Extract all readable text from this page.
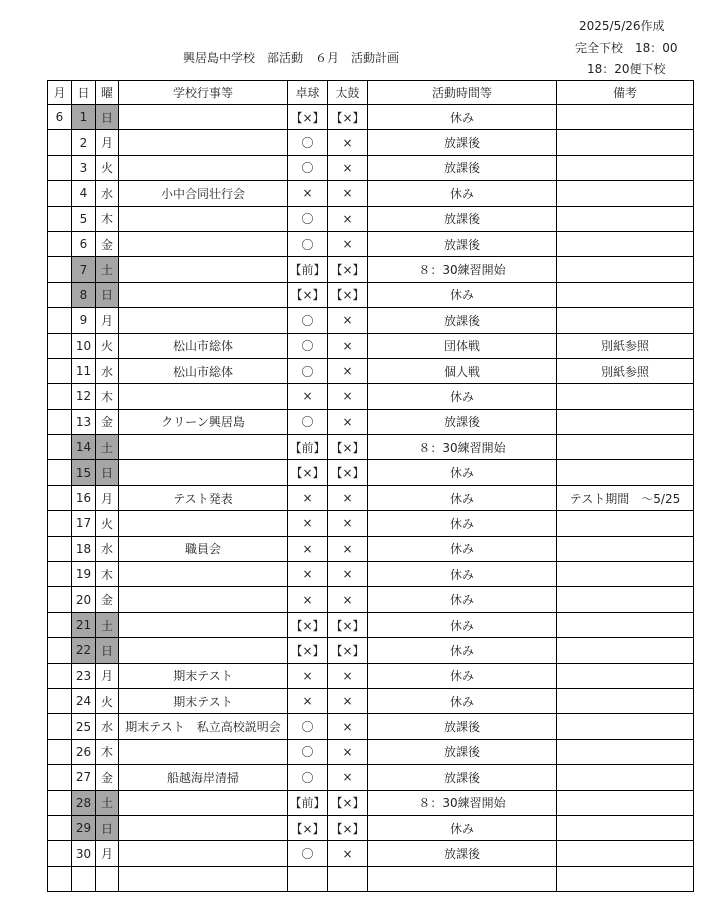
2025/5/26作成
完全下校　18：00
18：20便下校
興居島中学校　部活動　６月　活動計画
月	日	曜	学校行事等	卓球	太鼓	活動時間等	備考
6	1	日		【×】	【×】	休み	
	2	月		〇	×	放課後	
	3	火		〇	×	放課後	
	4	水	小中合同壮行会	×	×	休み	
	5	木		〇	×	放課後	
	6	金		〇	×	放課後	
	7	土		【前】	【×】	８：30練習開始	
	8	日		【×】	【×】	休み	
	9	月		〇	×	放課後	
	10	火	松山市総体	〇	×	団体戦	別紙参照
	11	水	松山市総体	〇	×	個人戦	別紙参照
	12	木		×	×	休み	
	13	金	クリーン興居島	〇	×	放課後	
	14	土		【前】	【×】	８：30練習開始	
	15	日		【×】	【×】	休み	
	16	月	テスト発表	×	×	休み	テスト期間　～5/25
	17	火		×	×	休み	
	18	水	職員会	×	×	休み	
	19	木		×	×	休み	
	20	金		×	×	休み	
	21	土		【×】	【×】	休み	
	22	日		【×】	【×】	休み	
	23	月	期末テスト	×	×	休み	
	24	火	期末テスト	×	×	休み	
	25	水	期末テスト　私立高校説明会	〇	×	放課後	
	26	木		〇	×	放課後	
	27	金	船越海岸清掃	〇	×	放課後	
	28	土		【前】	【×】	８：30練習開始	
	29	日		【×】	【×】	休み	
	30	月		〇	×	放課後	
